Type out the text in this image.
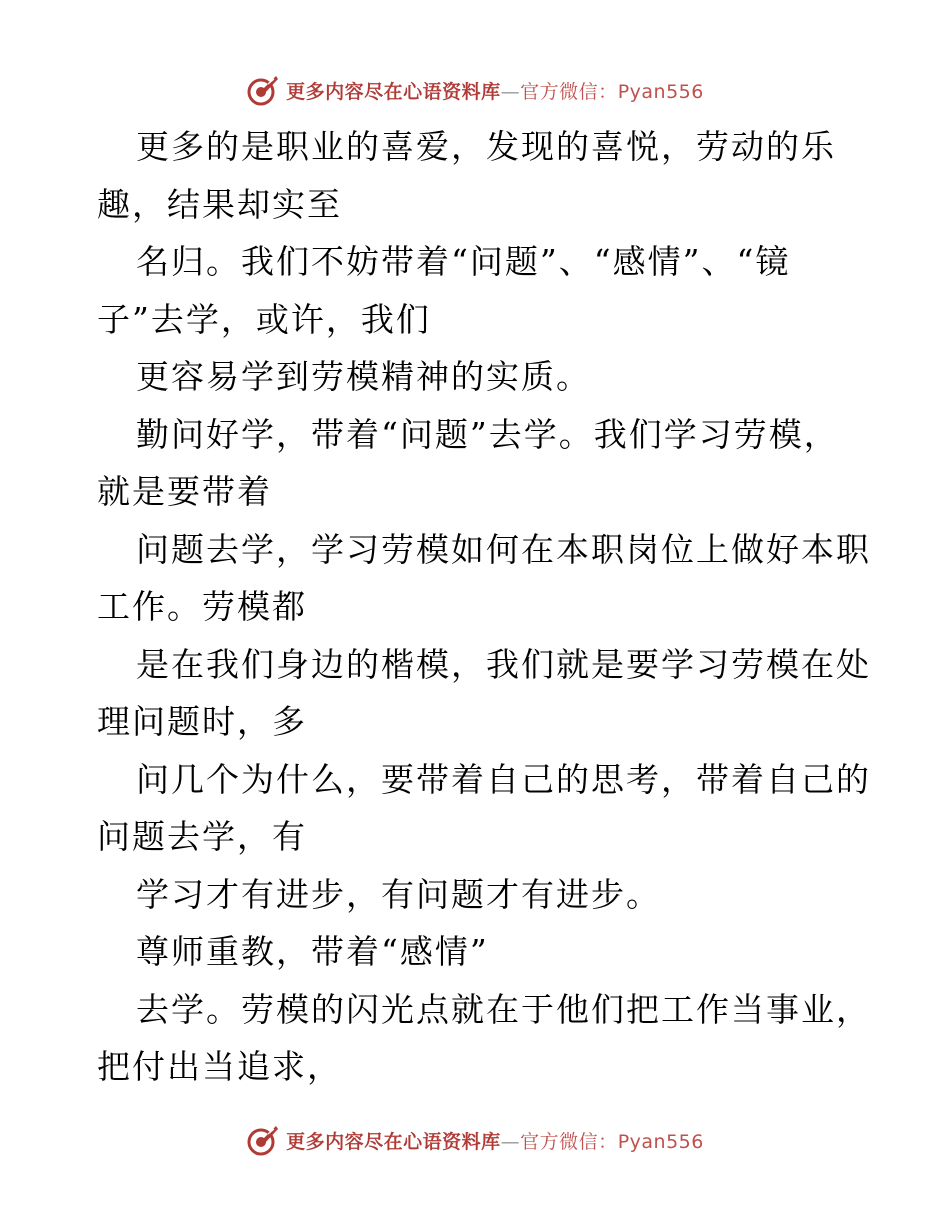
更多内容尽在心语资料库—官方微信：Pyan556
更多的是职业的喜爱，发现的喜悦，劳动的乐
趣，结果却实至
名归。我们不妨带着“问题”、“感情”、“镜
子”去学，或许，我们
更容易学到劳模精神的实质。
勤问好学，带着“问题”去学。我们学习劳模，
就是要带着
问题去学，学习劳模如何在本职岗位上做好本职
工作。劳模都
是在我们身边的楷模，我们就是要学习劳模在处
理问题时，多
问几个为什么，要带着自己的思考，带着自己的
问题去学，有
学习才有进步，有问题才有进步。
尊师重教，带着“感情”
去学。劳模的闪光点就在于他们把工作当事业，
把付出当追求，
更多内容尽在心语资料库—官方微信：Pyan556
